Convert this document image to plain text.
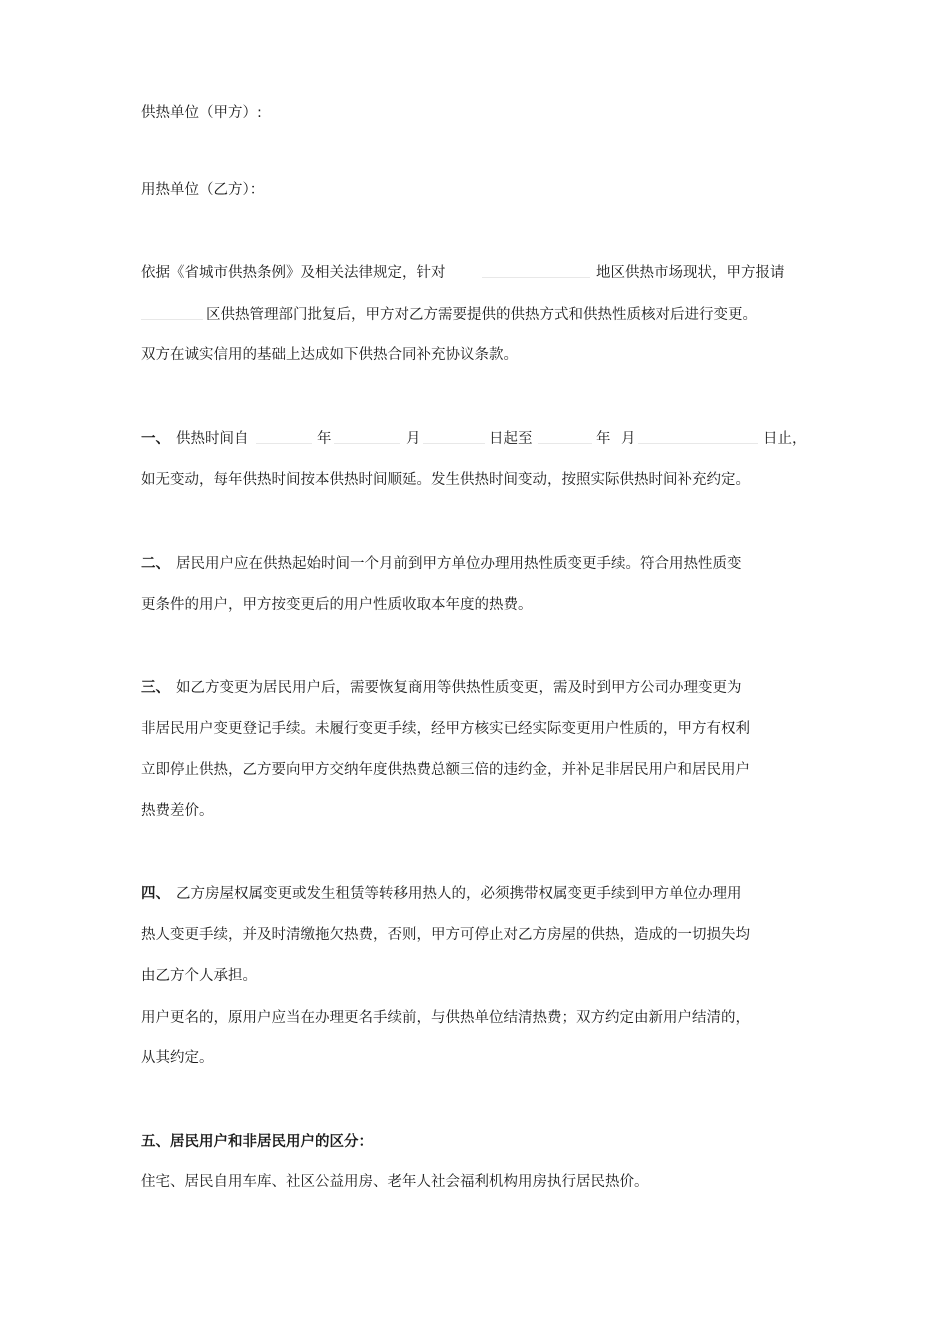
供热单位（甲方）:
用热单位（乙方）：
依据《省城市供热条例》及相关法律规定，针对	地区供热市场现状，甲方报请
区供热管理部门批复后，甲方对乙方需要提供的供热方式和供热性质核对后进行变更。
双方在诚实信用的基础上达成如下供热合同补充协议条款。
一、 供热时间自	年	月	日起至	年 月	日止，
如无变动，每年供热时间按本供热时间顺延。发生供热时间变动，按照实际供热时间补充约定。
二、 居民用户应在供热起始时间一个月前到甲方单位办理用热性质变更手续。符合用热性质变
更条件的用户，甲方按变更后的用户性质收取本年度的热费。
三、 如乙方变更为居民用户后，需要恢复商用等供热性质变更，需及时到甲方公司办理变更为
非居民用户变更登记手续。未履行变更手续，经甲方核实已经实际变更用户性质的，甲方有权利
立即停止供热，乙方要向甲方交纳年度供热费总额三倍的违约金，并补足非居民用户和居民用户
热费差价。
四、 乙方房屋权属变更或发生租赁等转移用热人的，必须携带权属变更手续到甲方单位办理用
热人变更手续，并及时清缴拖欠热费，否则，甲方可停止对乙方房屋的供热，造成的一切损失均
由乙方个人承担。
用户更名的，原用户应当在办理更名手续前，与供热单位结清热费；双方约定由新用户结清的，
从其约定。
五、居民用户和非居民用户的区分：
住宅、居民自用车库、社区公益用房、老年人社会福利机构用房执行居民热价。
